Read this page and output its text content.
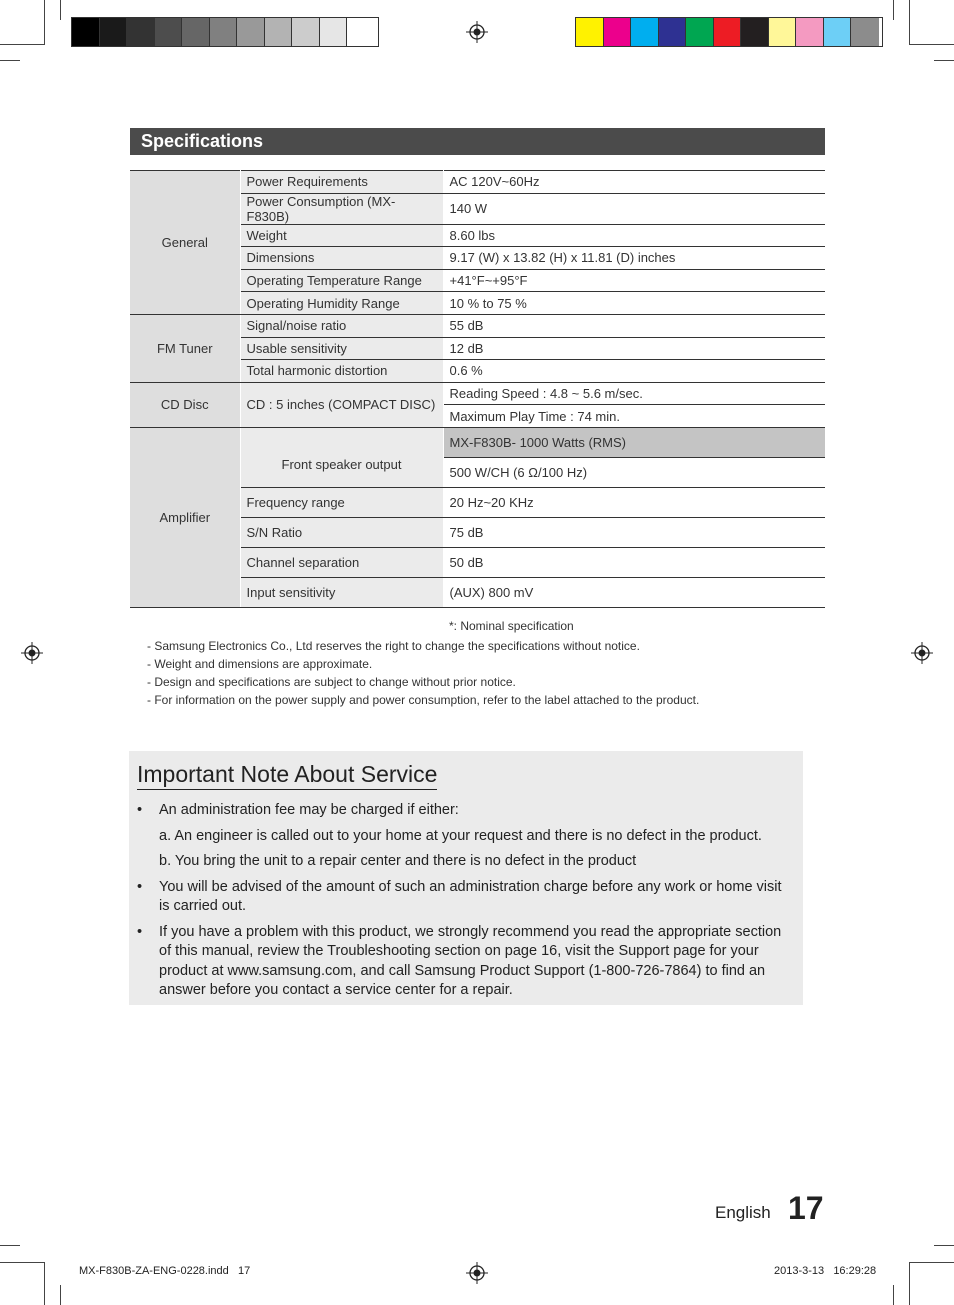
Specifications
General	Power Requirements	AC 120V~60Hz
	Power Consumption (MX-F830B)	140 W
	Weight	8.60 lbs
	Dimensions	9.17 (W) x 13.82 (H) x 11.81 (D) inches
	Operating Temperature Range	+41°F~+95°F
	Operating Humidity Range	10 % to 75 %
FM Tuner	Signal/noise ratio	55 dB
	Usable sensitivity	12 dB
	Total harmonic distortion	0.6 %
CD Disc	CD : 5 inches (COMPACT DISC)	Reading Speed : 4.8 ~ 5.6 m/sec.
		Maximum Play Time : 74 min.
Amplifier	Front speaker output	MX-F830B- 1000 Watts (RMS)
		500 W/CH (6 Ω/100 Hz)
	Frequency range	20 Hz~20 KHz
	S/N Ratio	75 dB
	Channel separation	50 dB
	Input sensitivity	(AUX) 800 mV
*: Nominal specification
- Samsung Electronics Co., Ltd reserves the right to change the specifications without notice.
- Weight and dimensions are approximate.
- Design and specifications are subject to change without prior notice.
- For information on the power supply and power consumption, refer to the label attached to the product.
Important Note About Service
• An administration fee may be charged if either:
a. An engineer is called out to your home at your request and there is no defect in the product.
b. You bring the unit to a repair center and there is no defect in the product
• You will be advised of the amount of such an administration charge before any work or home visit is carried out.
• If you have a problem with this product, we strongly recommend you read the appropriate section of this manual, review the Troubleshooting section on page 16, visit the Support page for your product at www.samsung.com, and call Samsung Product Support (1-800-726-7864) to find an answer before you contact a service center for a repair.
English 17
MX-F830B-ZA-ENG-0228.indd   17	2013-3-13   16:29:28
